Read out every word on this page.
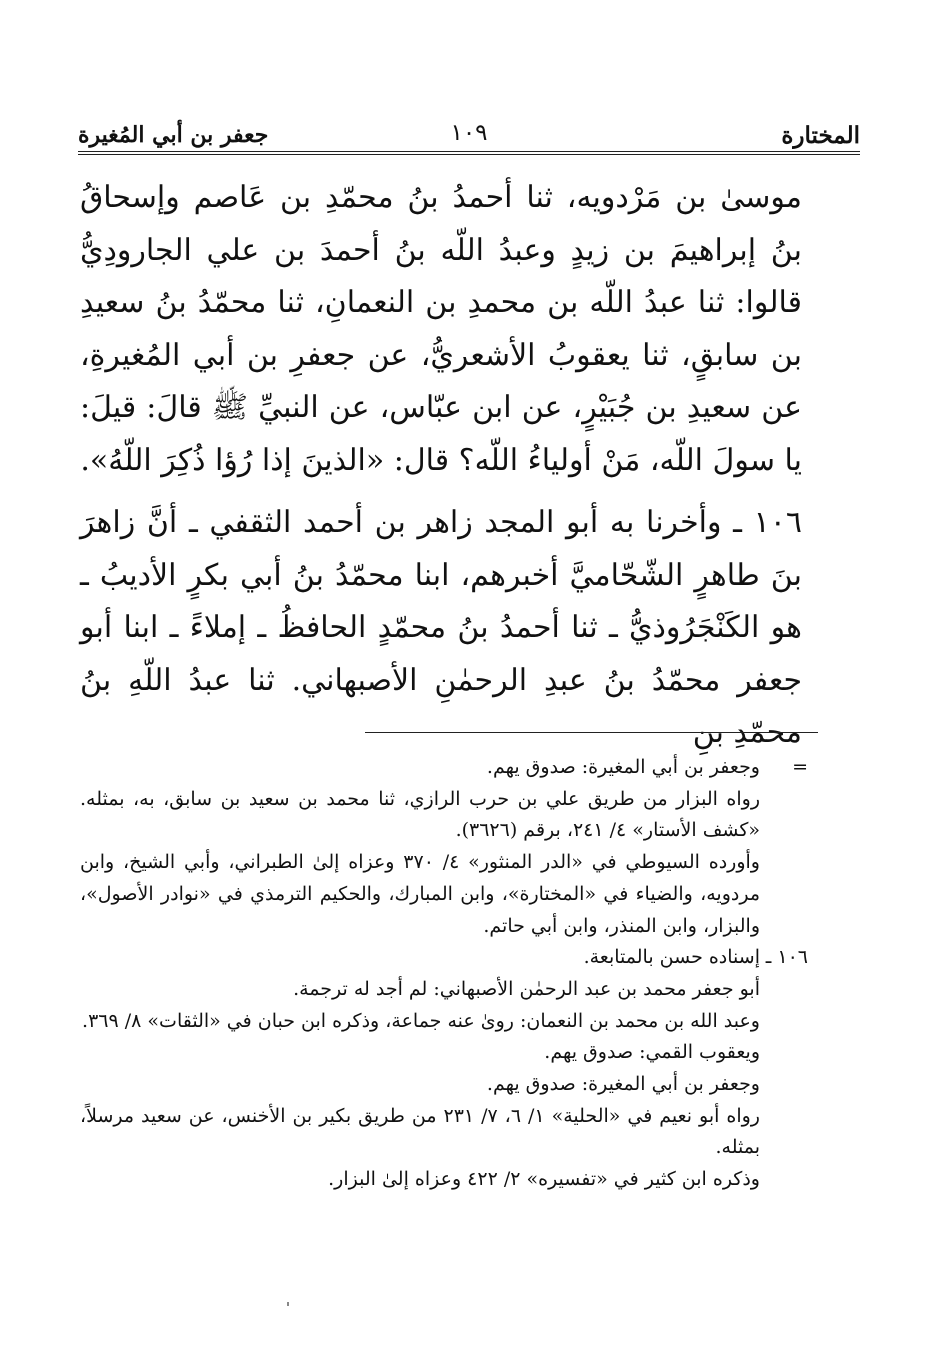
المختارة
١٠٩
جعفر بن أبي المُغيرة

موسىٰ بن مَرْدويه، ثنا أحمدُ بنُ محمّدِ بن عَاصم وإسحاقُ بنُ إبراهيمَ بن زيدٍ وعبدُ اللّه بنُ أحمدَ بن علي الجارودِيُّ قالوا: ثنا عبدُ اللّه بن محمدِ بن النعمانِ، ثنا محمّدُ بنُ سعيدِ بن سابقٍ، ثنا يعقوبُ الأشعريُّ، عن جعفرِ بن أبي المُغيرةِ، عن سعيدِ بن جُبَيْرٍ، عن ابن عبّاس، عن النبيِّ ﷺ قالَ: قيلَ: يا سولَ اللّه، مَنْ أولياءُ اللّه؟ قال: «الذينَ إذا رُؤا ذُكِرَ اللّهُ».

١٠٦ ـ وأخرنا به أبو المجد زاهر بن أحمد الثقفي ـ أنَّ زاهرَ بنَ طاهرٍ الشّحّاميَّ أخبرهم، ابنا محمّدُ بنُ أبي بكرٍ الأديبُ ـ هو الكَنْجَرُوذيُّ ـ ثنا أحمدُ بنُ محمّدٍ الحافظُ ـ إملاءً ـ ابنا أبو جعفر محمّدُ بنُ عبدِ الرحمٰنِ الأصبهاني. ثنا عبدُ اللّهِ بنُ محمّدِ بنِ

=

وجعفر بن أبي المغيرة: صدوق يهم.

رواه البزار من طريق علي بن حرب الرازي، ثنا محمد بن سعيد بن سابق، به، بمثله. «كشف الأستار» ٤/ ٢٤١، برقم (٣٦٢٦).

وأورده السيوطي في «الدر المنثور» ٤/ ٣٧٠ وعزاه إلىٰ الطبراني، وأبي الشيخ، وابن مردويه، والضياء في «المختارة»، وابن المبارك، والحكيم الترمذي في «نوادر الأصول»، والبزار، وابن المنذر، وابن أبي حاتم.

١٠٦ ـ

إسناده حسن بالمتابعة.

أبو جعفر محمد بن عبد الرحمٰن الأصبهاني: لم أجد له ترجمة.

وعبد الله بن محمد بن النعمان: روىٰ عنه جماعة، وذكره ابن حبان في «الثقات» ٨/ ٣٦٩.

ويعقوب القمي: صدوق يهم.

وجعفر بن أبي المغيرة: صدوق يهم.

رواه أبو نعيم في «الحلية» ١/ ٦، ٧/ ٢٣١ من طريق بكير بن الأخنس، عن سعيد مرسلاً، بمثله.

وذكره ابن كثير في «تفسيره» ٢/ ٤٢٢ وعزاه إلىٰ البزار.
